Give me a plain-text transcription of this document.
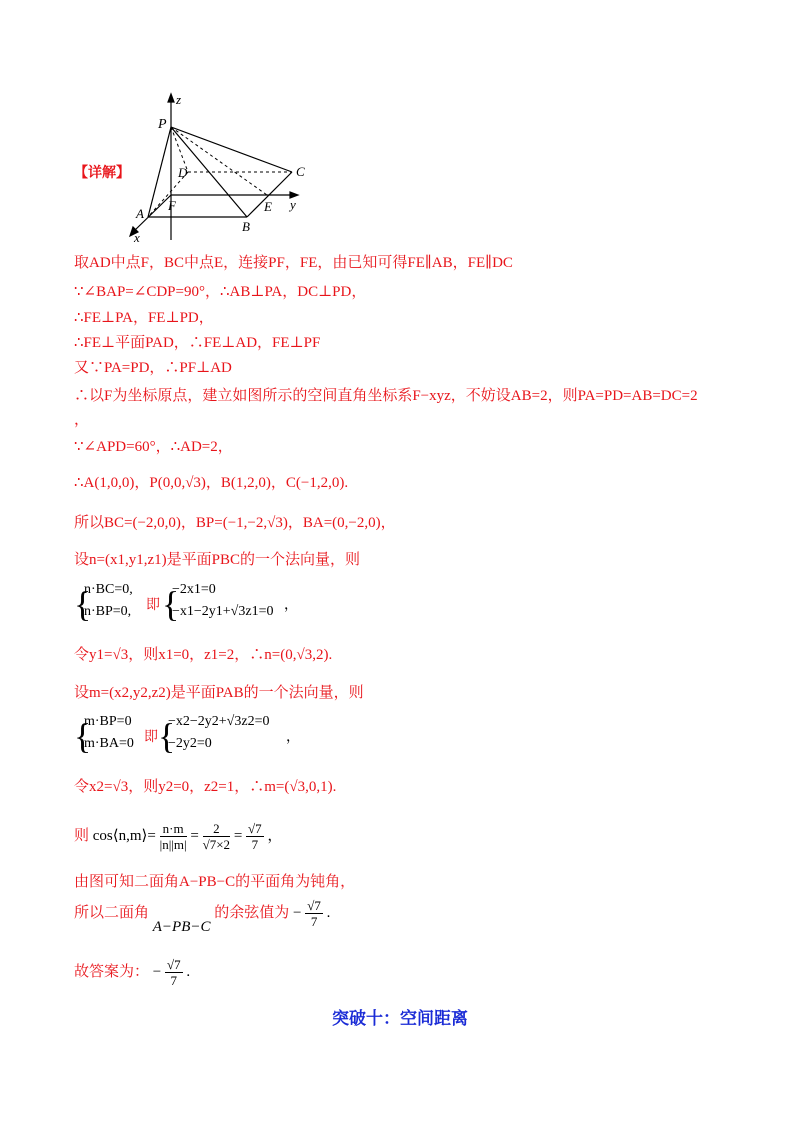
z
P
D	C
F	E y
A
B
x
【详解】
取AD中点F，BC中点E，连接PF，FE，由已知可得FE∥AB，FE∥DC
∵∠BAP=∠CDP=90°，∴AB⊥PA，DC⊥PD，
∴FE⊥PA，FE⊥PD，
∴FE⊥平面PAD，∴FE⊥AD，FE⊥PF
又∵PA=PD，∴PF⊥AD
∴以F为坐标原点，建立如图所示的空间直角坐标系F−xyz，不妨设AB=2，则PA=PD=AB=DC=2
，
∵∠APD=60°，∴AD=2，
∴A(1,0,0)，P(0,0,√3)，B(1,2,0)，C(−1,2,0).
所以BC=(−2,0,0)，BP=(−1,−2,√3)，BA=(0,−2,0)，
设n=(x1,y1,z1)是平面PBC的一个法向量，则
{
n·BC=0,
n·BP=0, 即 {
−2x1=0
−x1−2y1+√3z1=0 ，
令y1=√3，则x1=0，z1=2，∴n=(0,√3,2).
设m=(x2,y2,z2)是平面PAB的一个法向量，则
{
m·BP=0
m·BA=0 即 {
−x2−2y2+√3z2=0
−2y2=0	，
令x2=√3，则y2=0，z2=1，∴m=(√3,0,1).
则 cos⟨n,m⟩= $\frac{n\cdot m}{|n||m|} = \frac{2}{√7\times 2} = \frac{√7}{7}$ ，
由图可知二面角A−PB−C的平面角为钝角，
所以二面角 A−PB−C 的余弦值为 − $\frac{√7}{7}$ .
故答案为： − $\frac{√7}{7}$ .
突破十：空间距离
